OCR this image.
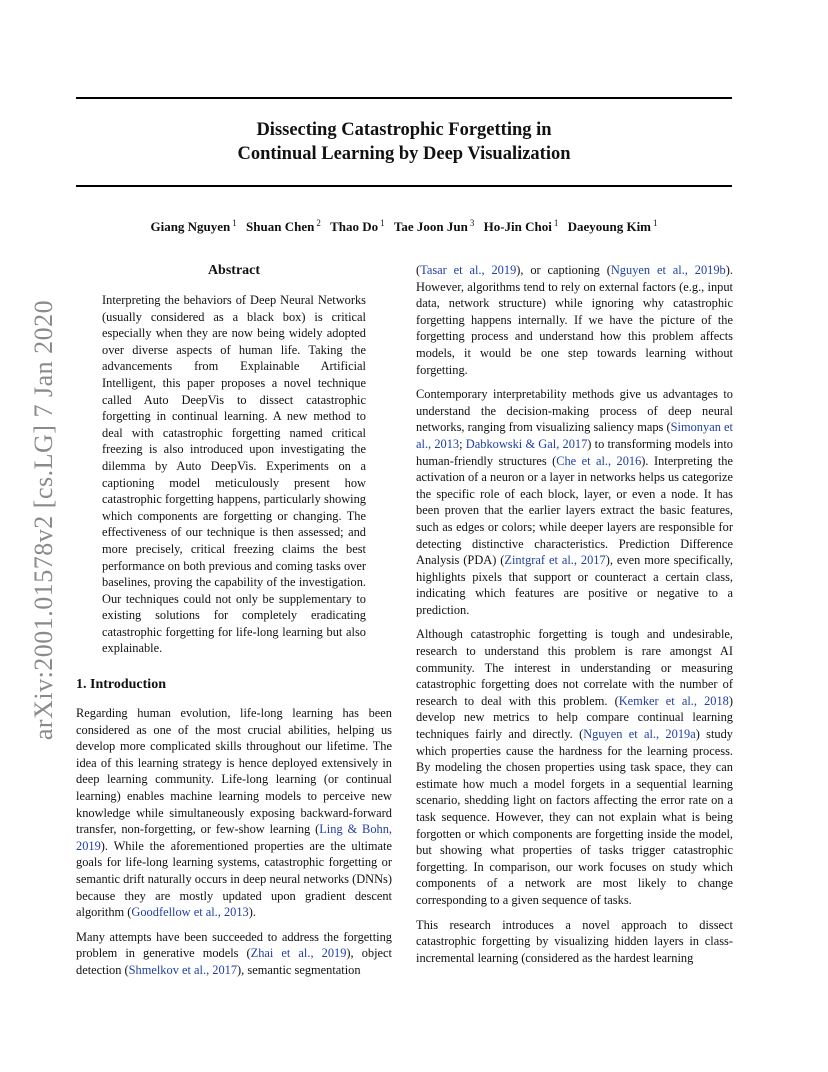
Dissecting Catastrophic Forgetting in
Continual Learning by Deep Visualization
Giang Nguyen $^1$ Shuan Chen $^2$ Thao Do $^1$ Tae Joon Jun $^3$ Ho-Jin Choi $^1$ Daeyoung Kim $^1$
arXiv:2001.01578v2 [cs.LG] 7 Jan 2020
Abstract

Interpreting the behaviors of Deep Neural Networks (usually considered as a black box) is critical especially when they are now being widely adopted over diverse aspects of human life. Taking the advancements from Explainable Artificial Intelligent, this paper proposes a novel technique called Auto DeepVis to dissect catastrophic forgetting in continual learning. A new method to deal with catastrophic forgetting named critical freezing is also introduced upon investigating the dilemma by Auto DeepVis. Experiments on a captioning model meticulously present how catastrophic forgetting happens, particularly showing which components are forgetting or changing. The effectiveness of our technique is then assessed; and more precisely, critical freezing claims the best performance on both previous and coming tasks over baselines, proving the capability of the investigation. Our techniques could not only be supplementary to existing solutions for completely eradicating catastrophic forgetting for life-long learning but also explainable.

1. Introduction

Regarding human evolution, life-long learning has been considered as one of the most crucial abilities, helping us develop more complicated skills throughout our lifetime. The idea of this learning strategy is hence deployed extensively in deep learning community. Life-long learning (or continual learning) enables machine learning models to perceive new knowledge while simultaneously exposing backward-forward transfer, non-forgetting, or few-show learning (Ling & Bohn, 2019). While the aforementioned properties are the ultimate goals for life-long learning systems, catastrophic forgetting or semantic drift naturally occurs in deep neural networks (DNNs) because they are mostly updated upon gradient descent algorithm (Goodfellow et al., 2013).

Many attempts have been succeeded to address the forgetting problem in generative models (Zhai et al., 2019), object detection (Shmelkov et al., 2017), semantic segmentation

(Tasar et al., 2019), or captioning (Nguyen et al., 2019b). However, algorithms tend to rely on external factors (e.g., input data, network structure) while ignoring why catastrophic forgetting happens internally. If we have the picture of the forgetting process and understand how this problem affects models, it would be one step towards learning without forgetting.

Contemporary interpretability methods give us advantages to understand the decision-making process of deep neural networks, ranging from visualizing saliency maps (Simonyan et al., 2013; Dabkowski & Gal, 2017) to transforming models into human-friendly structures (Che et al., 2016). Interpreting the activation of a neuron or a layer in networks helps us categorize the specific role of each block, layer, or even a node. It has been proven that the earlier layers extract the basic features, such as edges or colors; while deeper layers are responsible for detecting distinctive characteristics. Prediction Difference Analysis (PDA) (Zintgraf et al., 2017), even more specifically, highlights pixels that support or counteract a certain class, indicating which features are positive or negative to a prediction.

Although catastrophic forgetting is tough and undesirable, research to understand this problem is rare amongst AI community. The interest in understanding or measuring catastrophic forgetting does not correlate with the number of research to deal with this problem. (Kemker et al., 2018) develop new metrics to help compare continual learning techniques fairly and directly. (Nguyen et al., 2019a) study which properties cause the hardness for the learning process. By modeling the chosen properties using task space, they can estimate how much a model forgets in a sequential learning scenario, shedding light on factors affecting the error rate on a task sequence. However, they can not explain what is being forgotten or which components are forgetting inside the model, but showing what properties of tasks trigger catastrophic forgetting. In comparison, our work focuses on study which components of a network are most likely to change corresponding to a given sequence of tasks.

This research introduces a novel approach to dissect catastrophic forgetting by visualizing hidden layers in class-incremental learning (considered as the hardest learning
